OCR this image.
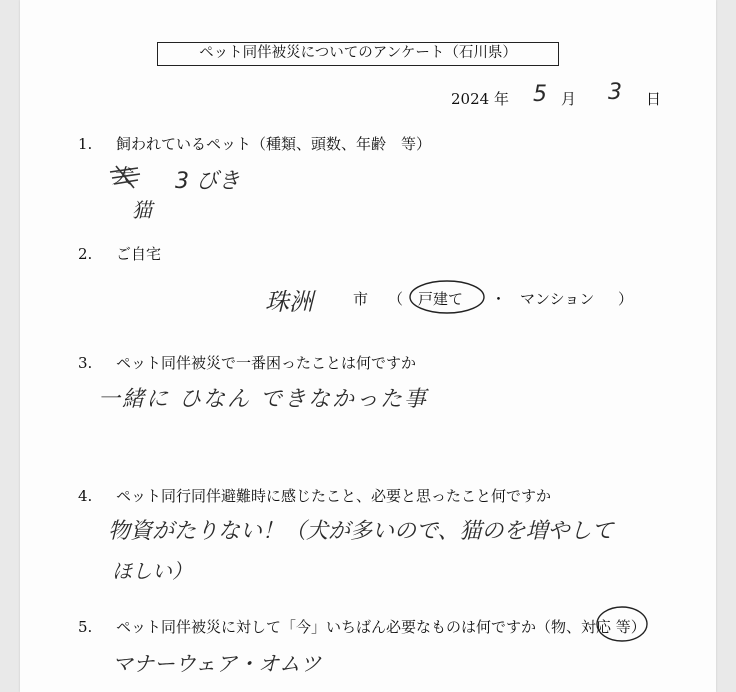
ペット同伴被災についてのアンケート（石川県）
2024 年 5 月 3 日
1. 飼われているペット（種類、頭数、年齢　等）
犬
猫
3 びき
2. ご自宅
珠洲	市 （ 戸建て ・ マンション ）
3. ペット同伴被災で一番困ったことは何ですか
一緒に ひなん できなかった事
4. ペット同行同伴避難時に感じたこと、必要と思ったこと何ですか
物資がたりない！（犬が多いので、猫のを増やして
ほしい）
5. ペット同伴被災に対して「今」いちばん必要なものは何ですか（物、対応 等）
マナーウェア・オムツ
